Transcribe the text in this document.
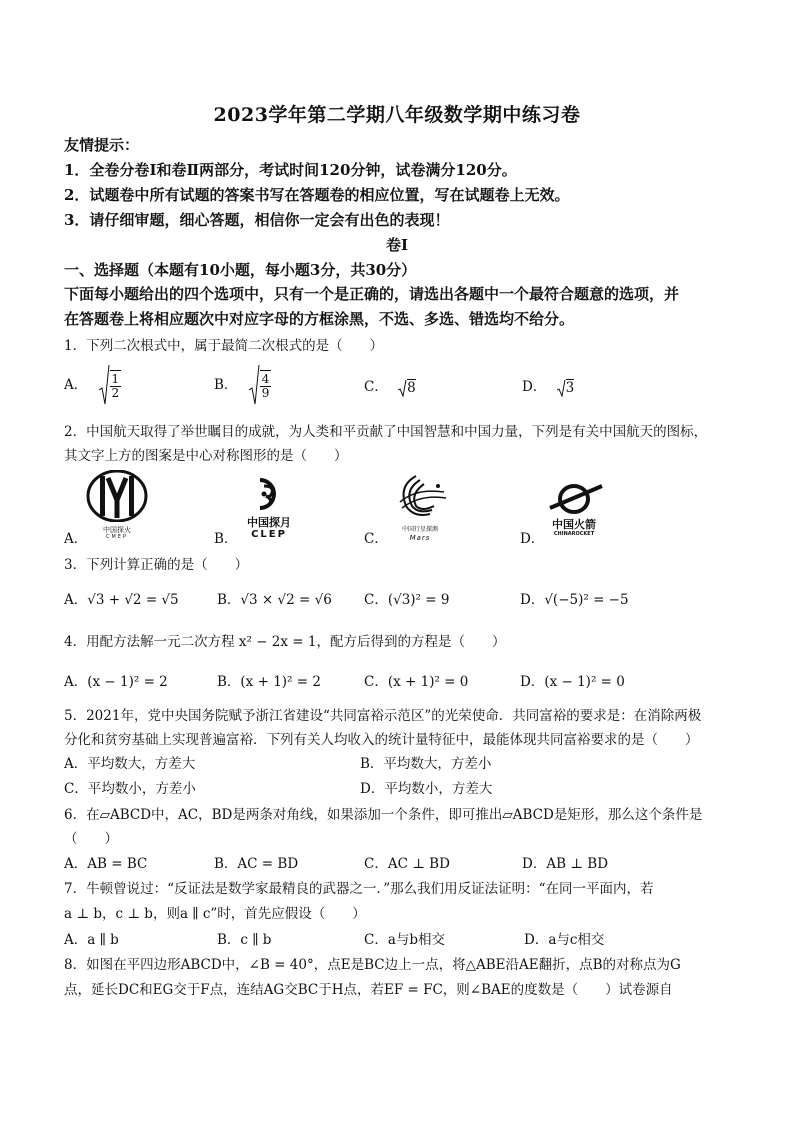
2023学年第二学期八年级数学期中练习卷
友情提示：
1．全卷分卷Ⅰ和卷Ⅱ两部分，考试时间120分钟，试卷满分120分。
2．试题卷中所有试题的答案书写在答题卷的相应位置，写在试题卷上无效。
3．请仔细审题，细心答题，相信你一定会有出色的表现！
卷Ⅰ
一、选择题（本题有10小题，每小题3分，共30分）
下面每小题给出的四个选项中，只有一个是正确的，请选出各题中一个最符合题意的选项，并
在答题卷上将相应题次中对应字母的方框涂黑，不选、多选、错选均不给分。
1．下列二次根式中，属于最简二次根式的是（　　）
A． $\frac{1}{2}$	B． $\frac{4}{9}$	C． 8	D． 3
2．中国航天取得了举世瞩目的成就，为人类和平贡献了中国智慧和中国力量，下列是有关中国航天的图标，
其文字上方的图案是中心对称图形的是（　　）
中国探火
CMEP
A．
中国探月
CLEP
B．
中国行星探测
Mars
C．
中国火箭
CHINAROCKET
D．
3．下列计算正确的是（　　）
A．√3 + √2 = √5	B．√3 × √2 = √6 C．(√3)² = 9	D．√(−5)² = −5
4．用配方法解一元二次方程 x² − 2x = 1，配方后得到的方程是（　　）
A．(x − 1)² = 2	B．(x + 1)² = 2	C．(x + 1)² = 0	D．(x − 1)² = 0
5．2021年，党中央国务院赋予浙江省建设“共同富裕示范区”的光荣使命．共同富裕的要求是：在消除两极
分化和贫穷基础上实现普遍富裕．下列有关人均收入的统计量特征中，最能体现共同富裕要求的是（　　）
A．平均数大，方差大	B．平均数大，方差小
C．平均数小，方差小	D．平均数小，方差大
6．在▱ABCD中，AC，BD是两条对角线，如果添加一个条件，即可推出▱ABCD是矩形，那么这个条件是
（　　）
A．AB = BC	B．AC = BD	C．AC ⊥ BD	D．AB ⊥ BD
7．牛顿曾说过：“反证法是数学家最精良的武器之一．”那么我们用反证法证明：“在同一平面内，若
a ⊥ b，c ⊥ b，则a ∥ c”时，首先应假设（　　）
A．a ∥ b	B．c ∥ b	C．a与b相交	D．a与c相交
8．如图在平四边形ABCD中，∠B = 40°，点E是BC边上一点，将△ABE沿AE翻折，点B的对称点为G
点，延长DC和EG交于F点，连结AG交BC于H点，若EF = FC，则∠BAE的度数是（　　）试卷源自
